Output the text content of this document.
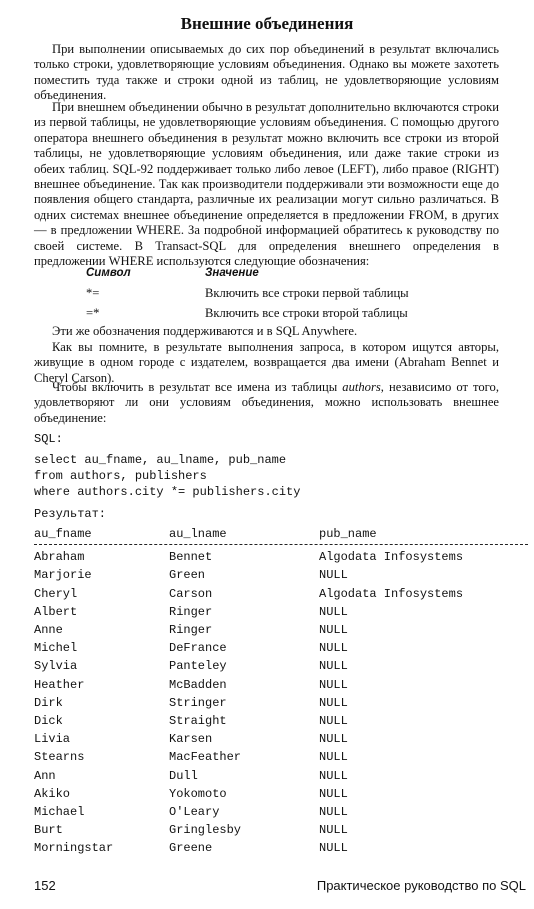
Внешние объединения

При выполнении описываемых до сих пор объединений в результат включались только строки, удовлетворяющие условиям объединения. Однако вы можете захотеть поместить туда также и строки одной из таблиц, не удовлетворяющие условиям объединения.

При внешнем объединении обычно в результат дополнительно включаются строки из первой таблицы, не удовлетворяющие условиям объединения. С помощью другого оператора внешнего объединения в результат можно включить все строки из второй таблицы, не удовлетворяющие условиям объединения, или даже такие строки из обеих таблиц. SQL-92 поддерживает только либо левое (LEFT), либо правое (RIGHT) внешнее объединение. Так как производители поддерживали эти возможности еще до появления общего стандарта, различные их реализации могут сильно различаться. В одних системах внешнее объединение определяется в предложении FROM, в других — в предложении WHERE. За подробной информацией обратитесь к руководству по своей системе. В Transact-SQL для определения внешнего определения в предложении WHERE используются следующие обозначения:

Символ	Значение
*=	Включить все строки первой таблицы
=*	Включить все строки второй таблицы

Эти же обозначения поддерживаются и в SQL Anywhere.

Как вы помните, в результате выполнения запроса, в котором ищутся авторы, живущие в одном городе с издателем, возвращается два имени (Abraham Bennet и Cheryl Carson).

Чтобы включить в результат все имена из таблицы authors, независимо от того, удовлетворяют ли они условиям объединения, можно использовать внешнее объединение:

SQL:
select au_fname, au_lname, pub_name
from authors, publishers
where authors.city *= publishers.city
Результат:
au_fname	au_lname	pub_name
Abraham	Bennet	Algodata Infosystems
Marjorie	Green	NULL
Cheryl	Carson	Algodata Infosystems
Albert	Ringer	NULL
Anne	Ringer	NULL
Michel	DeFrance	NULL
Sylvia	Panteley	NULL
Heather	McBadden	NULL
Dirk	Stringer	NULL
Dick	Straight	NULL
Livia	Karsen	NULL
Stearns	MacFeather	NULL
Ann	Dull	NULL
Akiko	Yokomoto	NULL
Michael	O'Leary	NULL
Burt	Gringlesby	NULL
Morningstar	Greene	NULL
152	Практическое руководство по SQL
